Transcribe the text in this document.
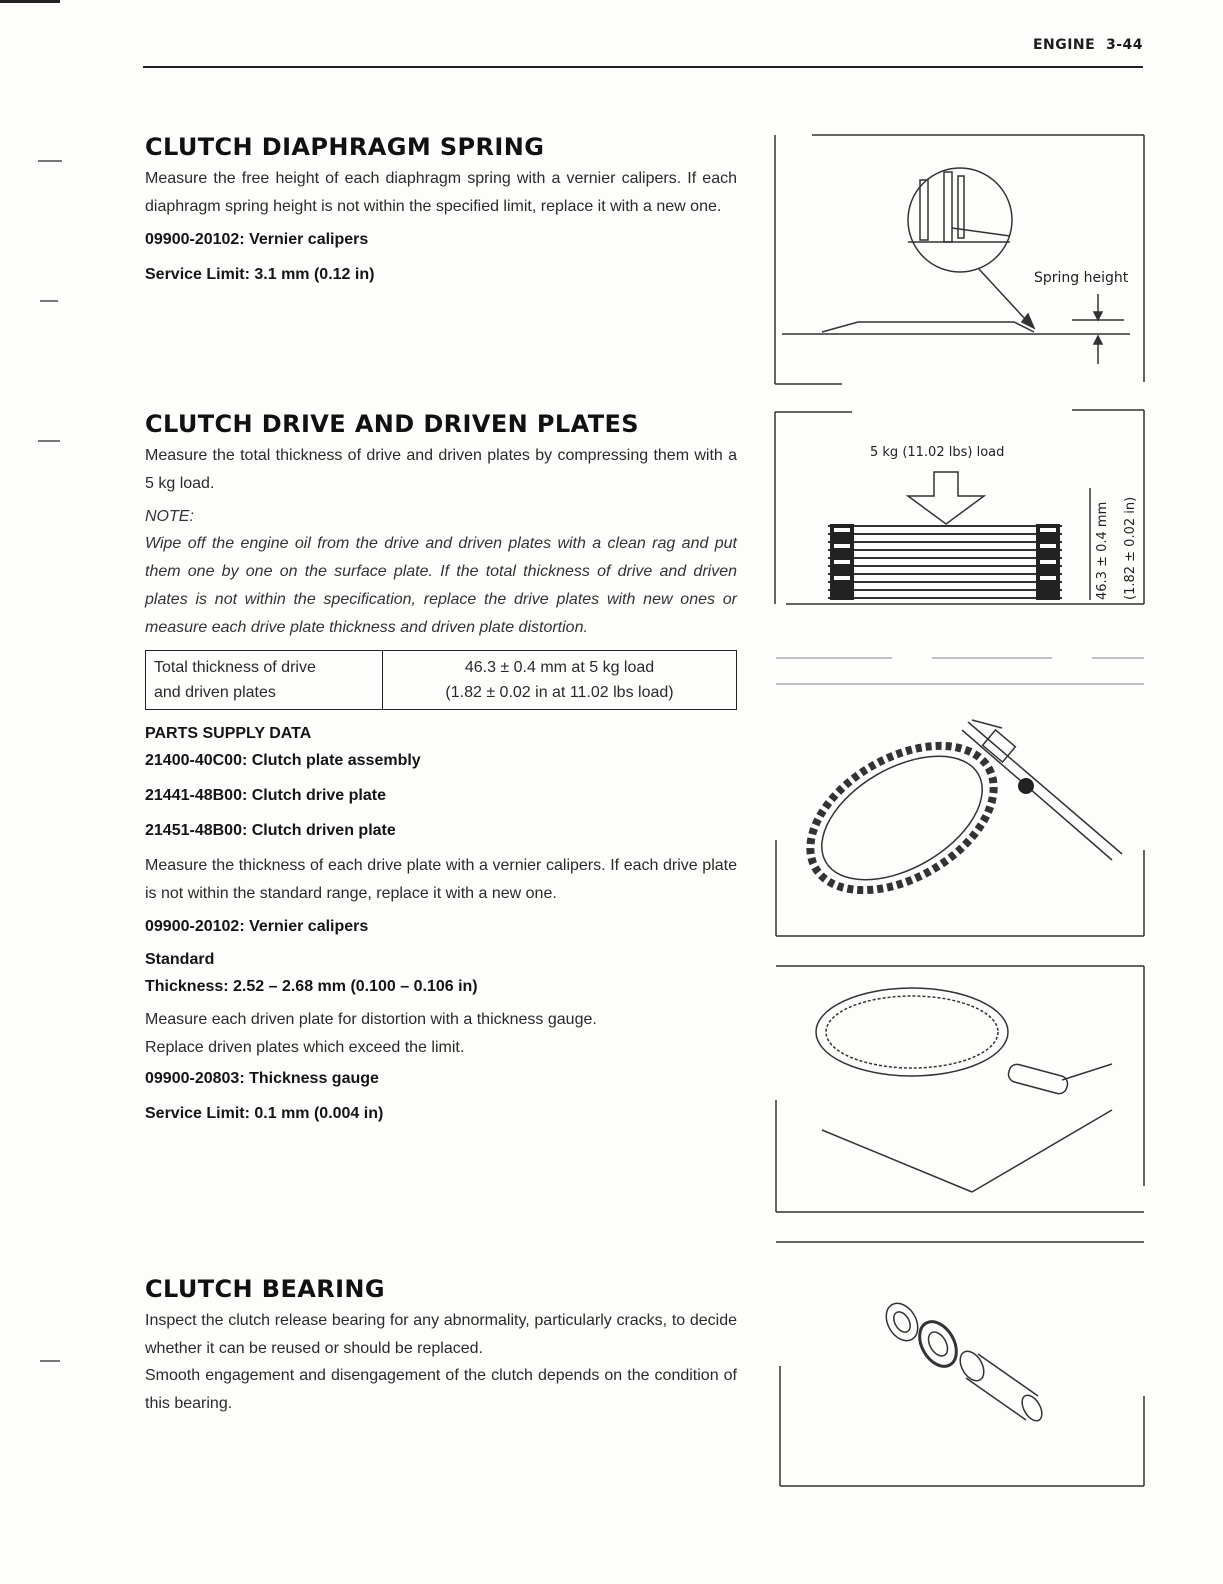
ENGINE 3-44
CLUTCH DIAPHRAGM SPRING

Measure the free height of each diaphragm spring with a vernier calipers. If each diaphragm spring height is not within the specified limit, replace it with a new one.

09900-20102: Vernier calipers
Service Limit: 3.1 mm (0.12 in)
CLUTCH DRIVE AND DRIVEN PLATES

Measure the total thickness of drive and driven plates by compressing them with a 5 kg load.

NOTE:
Wipe off the engine oil from the drive and driven plates with a clean rag and put them one by one on the surface plate. If the total thickness of drive and driven plates is not within the specification, replace the drive plates with new ones or measure each drive plate thickness and driven plate distortion.
Total thickness of drive
and driven plates

46.3 ± 0.4 mm at 5 kg load
(1.82 ± 0.02 in at 11.02 lbs load)
PARTS SUPPLY DATA
21400-40C00: Clutch plate assembly
21441-48B00: Clutch drive plate
21451-48B00: Clutch driven plate

Measure the thickness of each drive plate with a vernier calipers. If each drive plate is not within the standard range, replace it with a new one.

09900-20102: Vernier calipers
Standard
Thickness: 2.52 – 2.68 mm (0.100 – 0.106 in)

Measure each driven plate for distortion with a thickness gauge.

Replace driven plates which exceed the limit.

09900-20803: Thickness gauge
Service Limit: 0.1 mm (0.004 in)
CLUTCH BEARING

Inspect the clutch release bearing for any abnormality, particularly cracks, to decide whether it can be reused or should be replaced.

Smooth engagement and disengagement of the clutch depends on the condition of this bearing.

Spring height
5 kg (11.02 lbs) load
46.3 ± 0.4 mm (1.82 ± 0.02 in)
